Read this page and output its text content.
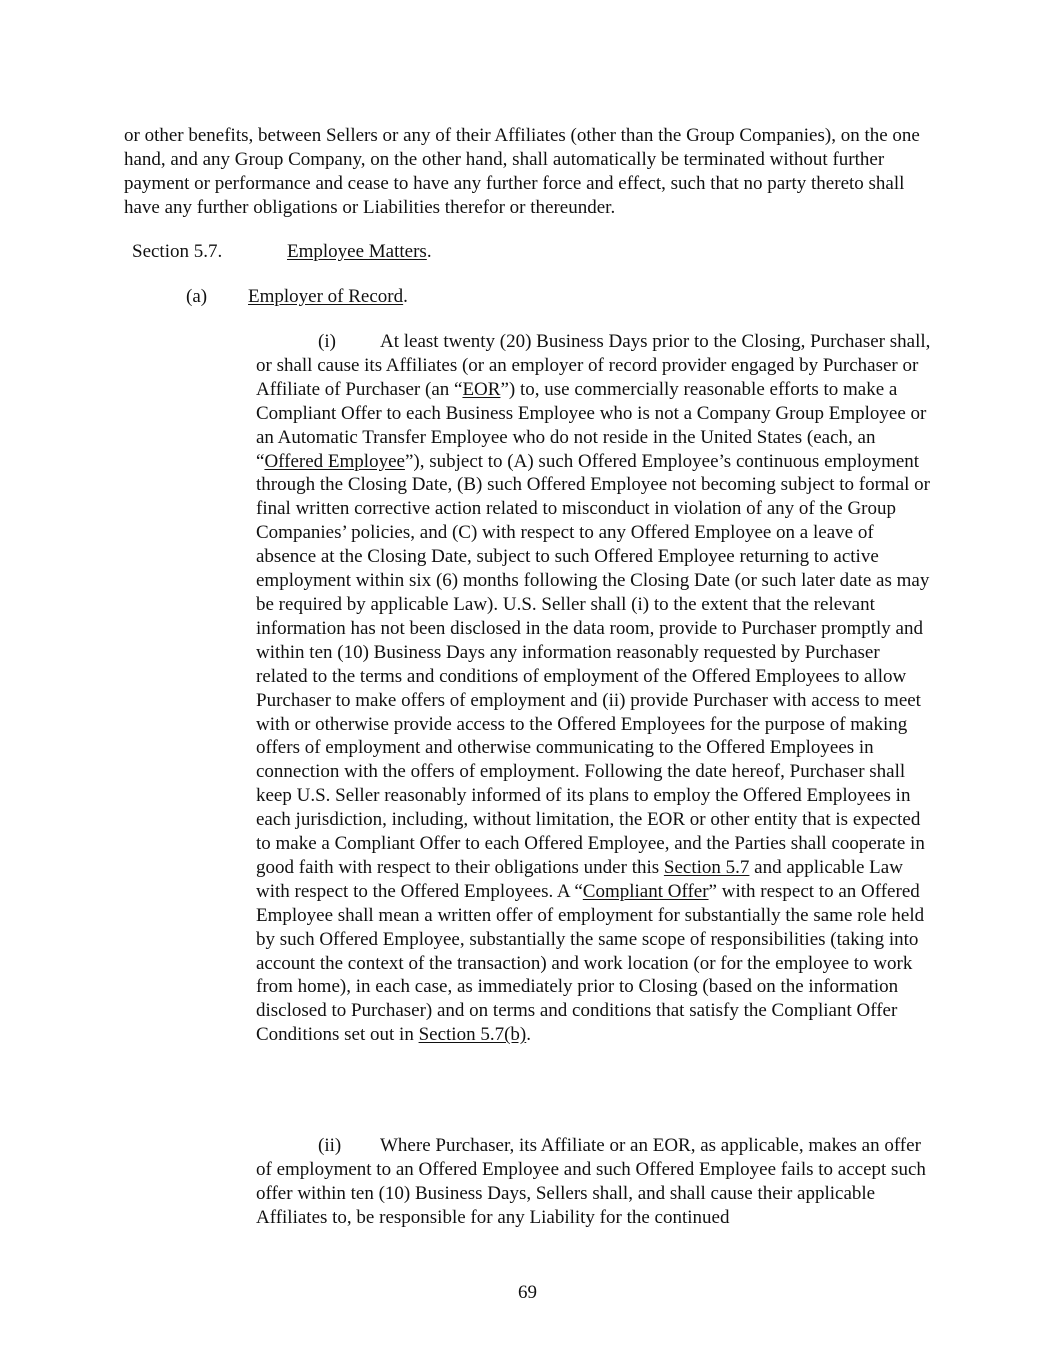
or other benefits, between Sellers or any of their Affiliates (other than the Group Companies), on the one hand, and any Group Company, on the other hand, shall automatically be terminated without further payment or performance and cease to have any further force and effect, such that no party thereto shall have any further obligations or Liabilities therefor or thereunder.

Section 5.7.	Employee Matters.

(a) Employer of Record.

(i) At least twenty (20) Business Days prior to the Closing, Purchaser shall, or shall cause its Affiliates (or an employer of record provider engaged by Purchaser or Affiliate of Purchaser (an “EOR”) to, use commercially reasonable efforts to make a Compliant Offer to each Business Employee who is not a Company Group Employee or an Automatic Transfer Employee who do not reside in the United States (each, an “Offered Employee”), subject to (A) such Offered Employee’s continuous employment through the Closing Date, (B) such Offered Employee not becoming subject to formal or final written corrective action related to misconduct in violation of any of the Group Companies’ policies, and (C) with respect to any Offered Employee on a leave of absence at the Closing Date, subject to such Offered Employee returning to active employment within six (6) months following the Closing Date (or such later date as may be required by applicable Law). U.S. Seller shall (i) to the extent that the relevant information has not been disclosed in the data room, provide to Purchaser promptly and within ten (10) Business Days any information reasonably requested by Purchaser related to the terms and conditions of employment of the Offered Employees to allow Purchaser to make offers of employment and (ii) provide Purchaser with access to meet with or otherwise provide access to the Offered Employees for the purpose of making offers of employment and otherwise communicating to the Offered Employees in connection with the offers of employment. Following the date hereof, Purchaser shall keep U.S. Seller reasonably informed of its plans to employ the Offered Employees in each jurisdiction, including, without limitation, the EOR or other entity that is expected to make a Compliant Offer to each Offered Employee, and the Parties shall cooperate in good faith with respect to their obligations under this Section 5.7 and applicable Law with respect to the Offered Employees. A “Compliant Offer” with respect to an Offered Employee shall mean a written offer of employment for substantially the same role held by such Offered Employee, substantially the same scope of responsibilities (taking into account the context of the transaction) and work location (or for the employee to work from home), in each case, as immediately prior to Closing (based on the information disclosed to Purchaser) and on terms and conditions that satisfy the Compliant Offer Conditions set out in Section 5.7(b).

(ii) Where Purchaser, its Affiliate or an EOR, as applicable, makes an offer of employment to an Offered Employee and such Offered Employee fails to accept such offer within ten (10) Business Days, Sellers shall, and shall cause their applicable Affiliates to, be responsible for any Liability for the continued

69
